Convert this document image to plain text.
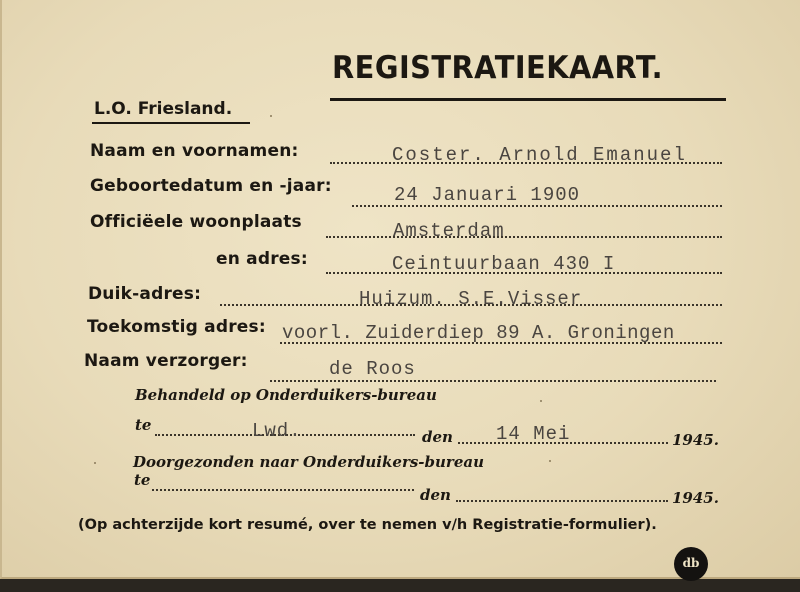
REGISTRATIEKAART.
L.O. Friesland.
Naam en voornamen:	Coster. Arnold Emanuel
Geboortedatum en -jaar:	24 Januari 1900
Officiëele woonplaats	Amsterdam
en adres:	Ceintuurbaan 430 I
Duik-adres:	Huizum. S.E.Visser
Toekomstig adres: voorl. Zuiderdiep 89 A. Groningen
Naam verzorger:	de Roos
Behandeld op Onderduikers-bureau
te	Lwd.	den 14 Mei	1945.
Doorgezonden naar Onderduikers-bureau
te
den	1945.
(Op achterzijde kort resumé, over te nemen v/h Registratie-formulier).
db
